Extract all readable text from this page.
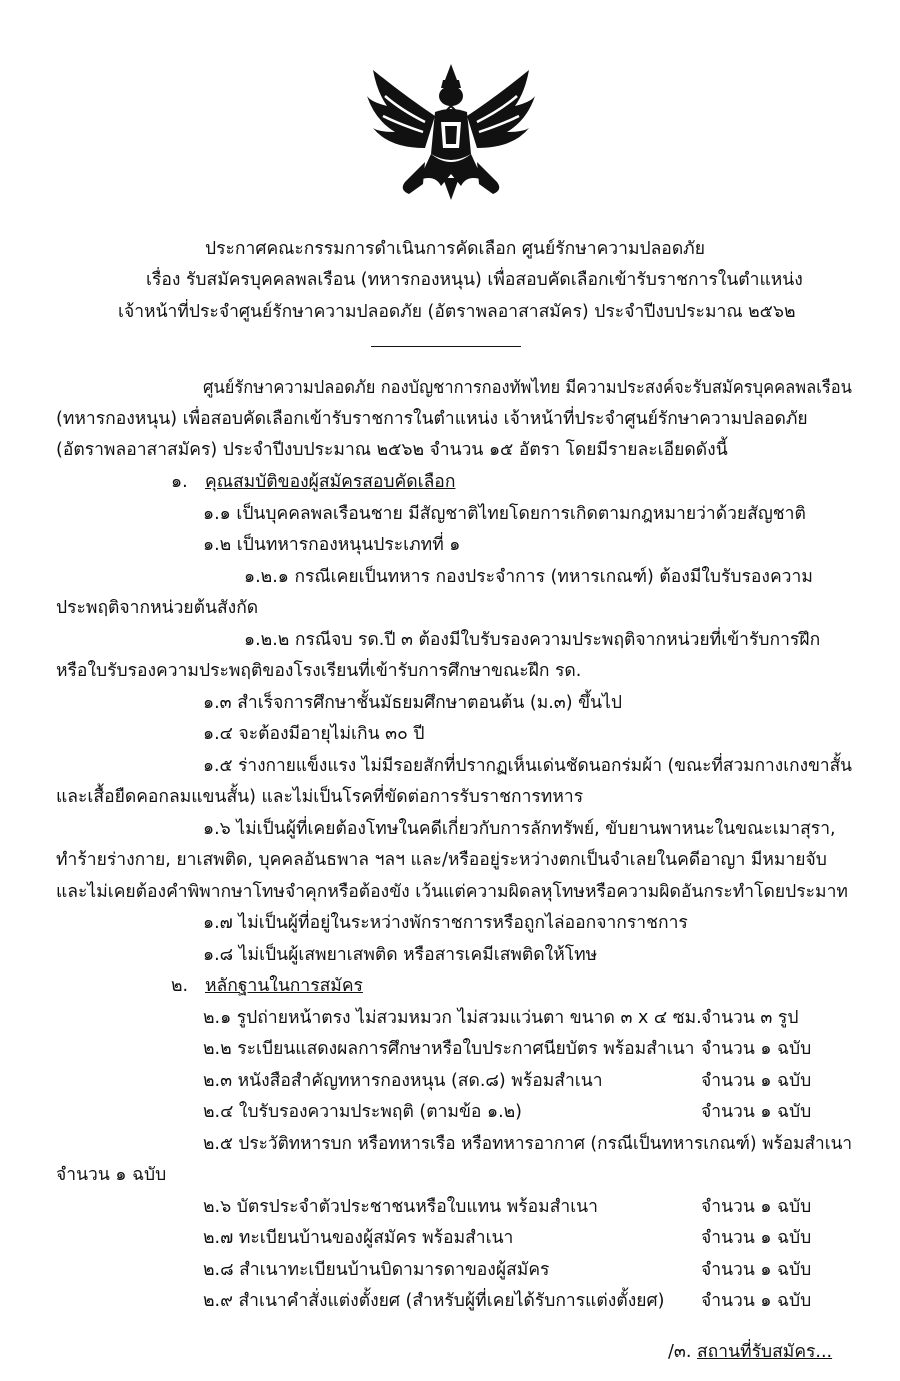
ประกาศคณะกรรมการดำเนินการคัดเลือก ศูนย์รักษาความปลอดภัย
เรื่อง รับสมัครบุคคลพลเรือน (ทหารกองหนุน) เพื่อสอบคัดเลือกเข้ารับราชการในตำแหน่ง
เจ้าหน้าที่ประจำศูนย์รักษาความปลอดภัย (อัตราพลอาสาสมัคร) ประจำปีงบประมาณ ๒๕๖๒
ศูนย์รักษาความปลอดภัย กองบัญชาการกองทัพไทย มีความประสงค์จะรับสมัครบุคคลพลเรือน
(ทหารกองหนุน) เพื่อสอบคัดเลือกเข้ารับราชการในตำแหน่ง เจ้าหน้าที่ประจำศูนย์รักษาความปลอดภัย
(อัตราพลอาสาสมัคร) ประจำปีงบประมาณ ๒๕๖๒ จำนวน ๑๕ อัตรา โดยมีรายละเอียดดังนี้
๑. คุณสมบัติของผู้สมัครสอบคัดเลือก
๑.๑ เป็นบุคคลพลเรือนชาย มีสัญชาติไทยโดยการเกิดตามกฎหมายว่าด้วยสัญชาติ
๑.๒ เป็นทหารกองหนุนประเภทที่ ๑
๑.๒.๑ กรณีเคยเป็นทหาร กองประจำการ (ทหารเกณฑ์) ต้องมีใบรับรองความ
ประพฤติจากหน่วยต้นสังกัด
๑.๒.๒ กรณีจบ รด.ปี ๓ ต้องมีใบรับรองความประพฤติจากหน่วยที่เข้ารับการฝึก
หรือใบรับรองความประพฤติของโรงเรียนที่เข้ารับการศึกษาขณะฝึก รด.
๑.๓ สำเร็จการศึกษาชั้นมัธยมศึกษาตอนต้น (ม.๓) ขึ้นไป
๑.๔ จะต้องมีอายุไม่เกิน ๓๐ ปี
๑.๕ ร่างกายแข็งแรง ไม่มีรอยสักที่ปรากฏเห็นเด่นชัดนอกร่มผ้า (ขณะที่สวมกางเกงขาสั้น
และเสื้อยืดคอกลมแขนสั้น) และไม่เป็นโรคที่ขัดต่อการรับราชการทหาร
๑.๖ ไม่เป็นผู้ที่เคยต้องโทษในคดีเกี่ยวกับการลักทรัพย์, ขับยานพาหนะในขณะเมาสุรา,
ทำร้ายร่างกาย, ยาเสพติด, บุคคลอันธพาล ฯลฯ และ/หรืออยู่ระหว่างตกเป็นจำเลยในคดีอาญา มีหมายจับ
และไม่เคยต้องคำพิพากษาโทษจำคุกหรือต้องขัง เว้นแต่ความผิดลหุโทษหรือความผิดอันกระทำโดยประมาท
๑.๗ ไม่เป็นผู้ที่อยู่ในระหว่างพักราชการหรือถูกไล่ออกจากราชการ
๑.๘ ไม่เป็นผู้เสพยาเสพติด หรือสารเคมีเสพติดให้โทษ
๒. หลักฐานในการสมัคร
๒.๑ รูปถ่ายหน้าตรง ไม่สวมหมวก ไม่สวมแว่นตา ขนาด ๓ x ๔ ซม. จำนวน ๓ รูป
๒.๒ ระเบียนแสดงผลการศึกษาหรือใบประกาศนียบัตร พร้อมสำเนา จำนวน ๑ ฉบับ
๒.๓ หนังสือสำคัญทหารกองหนุน (สด.๘) พร้อมสำเนา	จำนวน ๑ ฉบับ
๒.๔ ใบรับรองความประพฤติ (ตามข้อ ๑.๒)	จำนวน ๑ ฉบับ
๒.๕ ประวัติทหารบก หรือทหารเรือ หรือทหารอากาศ (กรณีเป็นทหารเกณฑ์) พร้อมสำเนา
จำนวน ๑ ฉบับ
๒.๖ บัตรประจำตัวประชาชนหรือใบแทน พร้อมสำเนา	จำนวน ๑ ฉบับ
๒.๗ ทะเบียนบ้านของผู้สมัคร พร้อมสำเนา	จำนวน ๑ ฉบับ
๒.๘ สำเนาทะเบียนบ้านบิดามารดาของผู้สมัคร	จำนวน ๑ ฉบับ
๒.๙ สำเนาคำสั่งแต่งตั้งยศ (สำหรับผู้ที่เคยได้รับการแต่งตั้งยศ) จำนวน ๑ ฉบับ
/๓. สถานที่รับสมัคร...
